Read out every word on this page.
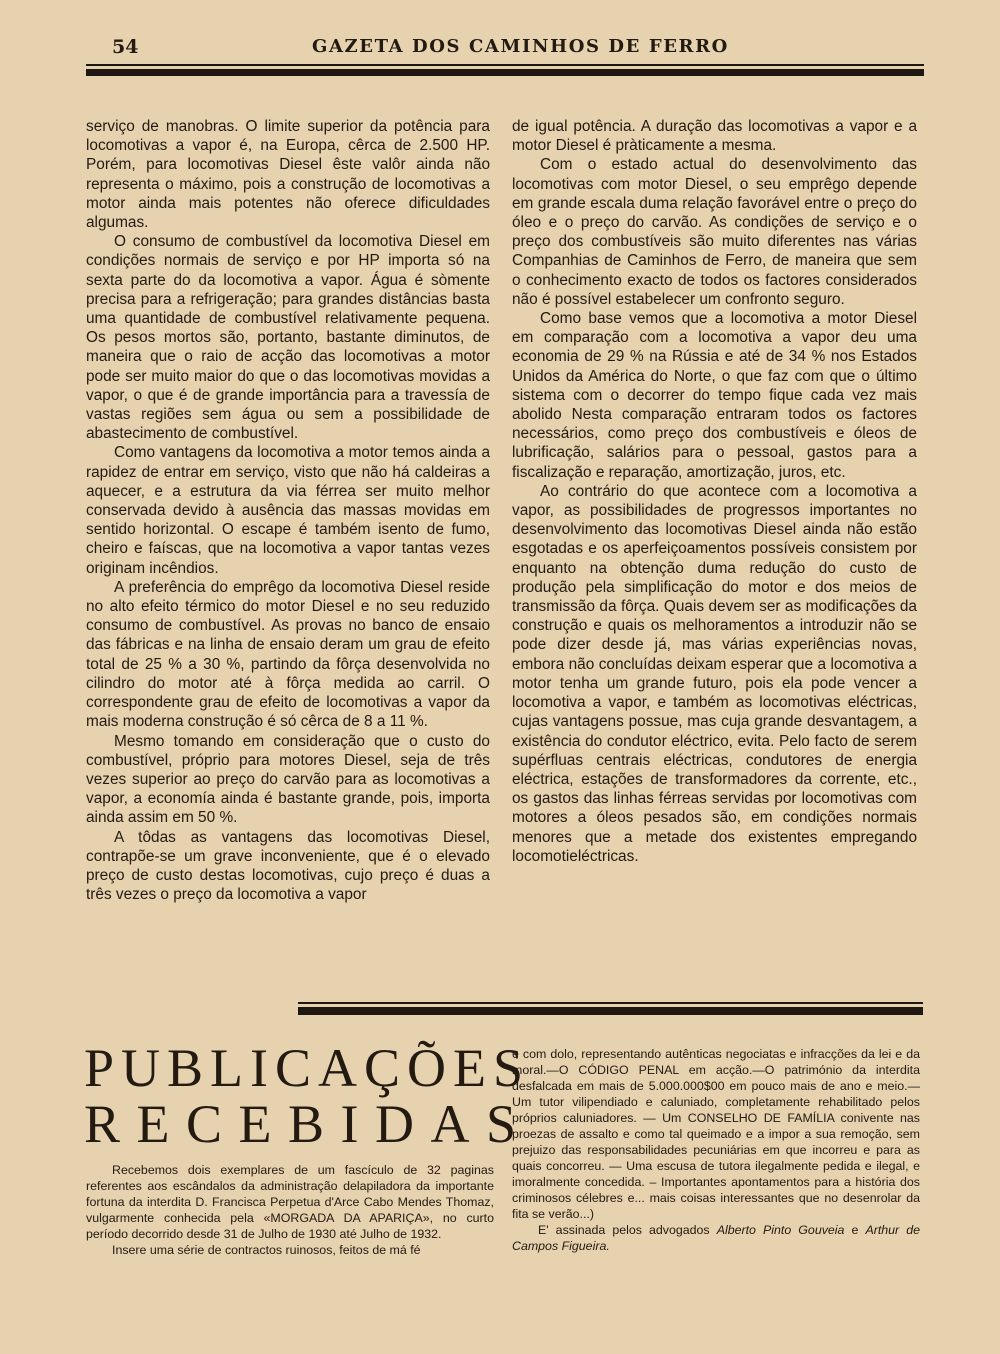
54	GAZETA DOS CAMINHOS DE FERRO

serviço de manobras. O limite superior da potência para locomotivas a vapor é, na Europa, cêrca de 2.500 HP. Porém, para locomotivas Diesel êste valôr ainda não representa o máximo, pois a construção de locomotivas a motor ainda mais potentes não oferece dificuldades algumas.

O consumo de combustível da locomotiva Diesel em condições normais de serviço e por HP importa só na sexta parte do da locomotiva a vapor. Água é sòmente precisa para a refrigeração; para grandes distâncias basta uma quantidade de combustível relativamente pequena. Os pesos mortos são, portanto, bastante diminutos, de maneira que o raio de acção das locomotivas a motor pode ser muito maior do que o das locomotivas movidas a vapor, o que é de grande importância para a travessía de vastas regiões sem água ou sem a possibilidade de abastecimento de combustível.

Como vantagens da locomotiva a motor temos ainda a rapidez de entrar em serviço, visto que não há caldeiras a aquecer, e a estrutura da via férrea ser muito melhor conservada devido à ausência das massas movidas em sentido horizontal. O escape é também isento de fumo, cheiro e faíscas, que na locomotiva a vapor tantas vezes originam incêndios.

A preferência do emprêgo da locomotiva Diesel reside no alto efeito térmico do motor Diesel e no seu reduzido consumo de combustível. As provas no banco de ensaio das fábricas e na linha de ensaio deram um grau de efeito total de 25 % a 30 %, partindo da fôrça desenvolvida no cilindro do motor até à fôrça medida ao carril. O correspondente grau de efeito de locomotivas a vapor da mais moderna construção é só cêrca de 8 a 11 %.

Mesmo tomando em consideração que o custo do combustível, próprio para motores Diesel, seja de três vezes superior ao preço do carvão para as locomotivas a vapor, a economía ainda é bastante grande, pois, importa ainda assim em 50 %.

A tôdas as vantagens das locomotivas Diesel, contrapõe-se um grave inconveniente, que é o elevado preço de custo destas locomotivas, cujo preço é duas a três vezes o preço da locomotiva a vapor

de igual potência. A duração das locomotivas a vapor e a motor Diesel é pràticamente a mesma.

Com o estado actual do desenvolvimento das locomotivas com motor Diesel, o seu emprêgo depende em grande escala duma relação favorável entre o preço do óleo e o preço do carvão. As condições de serviço e o preço dos combustíveis são muito diferentes nas várias Companhias de Caminhos de Ferro, de maneira que sem o conhecimento exacto de todos os factores considerados não é possível estabelecer um confronto seguro.

Como base vemos que a locomotiva a motor Diesel em comparação com a locomotiva a vapor deu uma economia de 29 % na Rússia e até de 34 % nos Estados Unidos da América do Norte, o que faz com que o último sistema com o decorrer do tempo fique cada vez mais abolido Nesta comparação entraram todos os factores necessários, como preço dos combustíveis e óleos de lubrificação, salários para o pessoal, gastos para a fiscalização e reparação, amortização, juros, etc.

Ao contrário do que acontece com a locomotiva a vapor, as possibilidades de progressos importantes no desenvolvimento das locomotivas Diesel ainda não estão esgotadas e os aperfeiçoamentos possíveis consistem por enquanto na obtenção duma redução do custo de produção pela simplificação do motor e dos meios de transmissão da fôrça. Quais devem ser as modificações da construção e quais os melhoramentos a introduzir não se pode dizer desde já, mas várias experiências novas, embora não concluídas deixam esperar que a locomotiva a motor tenha um grande futuro, pois ela pode vencer a locomotiva a vapor, e também as locomotivas eléctricas, cujas vantagens possue, mas cuja grande desvantagem, a existência do condutor eléctrico, evita. Pelo facto de serem supérfluas centrais eléctricas, condutores de energia eléctrica, estações de transformadores da corrente, etc., os gastos das linhas férreas servidas por locomotivas com motores a óleos pesados são, em condições normais menores que a metade dos existentes empregando locomotieléctricas.

PUBLICAÇÕES
RECEBIDAS

Recebemos dois exemplares de um fascículo de 32 paginas referentes aos escândalos da administração delapiladora da importante fortuna da interdita D. Francisca Perpetua d'Arce Cabo Mendes Thomaz, vulgarmente conhecida pela «MORGADA DA APARIÇA», no curto período decorrido desde 31 de Julho de 1930 até Julho de 1932.

Insere uma série de contractos ruinosos, feitos de má fé

e com dolo, representando autênticas negociatas e infracções da lei e da moral.—O CÓDIGO PENAL em acção.—O património da interdita desfalcada em mais de 5.000.000$00 em pouco mais de ano e meio.—Um tutor vilipendiado e caluniado, completamente rehabilitado pelos próprios caluniadores. — Um CONSELHO DE FAMÍLIA conivente nas proezas de assalto e como tal queimado e a impor a sua remoção, sem prejuizo das responsabilidades pecuniárias em que incorreu e para as quais concorreu. — Uma escusa de tutora ilegalmente pedida e ilegal, e imoralmente concedida. – Importantes apontamentos para a história dos criminosos célebres e... mais coisas interessantes que no desenrolar da fita se verão...)

E' assinada pelos advogados Alberto Pinto Gouveia e Arthur de Campos Figueira.
